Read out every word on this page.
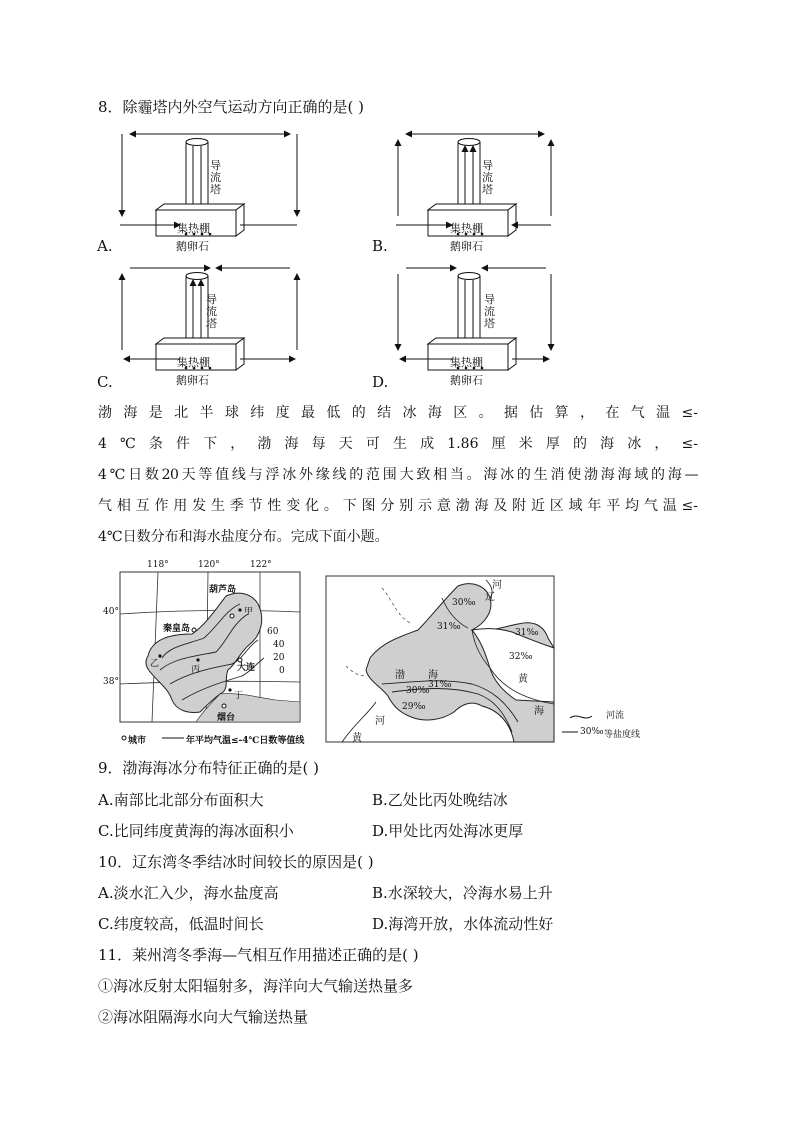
8．除霾塔内外空气运动方向正确的是( )
导
流
塔
集热棚
鹅卵石
导
流
塔
集热棚
鹅卵石
导
流
塔
集热棚
鹅卵石
导
流
塔
集热棚
鹅卵石
A.	B.
C.	D.
渤海是北半球纬度最低的结冰海区。据估算，在气温≤-
4℃条件下，渤海每天可生成1.86厘米厚的海冰，≤-
4℃日数20天等值线与浮冰外缘线的范围大致相当。海冰的生消使渤海海域的海—
气相互作用发生季节性变化。下图分别示意渤海及附近区域年平均气温≤-
4℃日数分布和海水盐度分布。完成下面小题。
118°	120°	122°
40°
38°
葫芦岛
秦皇岛
大连
烟台
甲
乙
丙
丁
60
40
20
0
城市	年平均气温≤-4℃日数等值线
30‰
31‰
31‰
32‰
31‰
30‰
29‰
渤 海	黄
海
河
辽
河
黄
河流
30‰ 等盐度线
9．渤海海冰分布特征正确的是( )
A.南部比北部分布面积大	B.乙处比丙处晚结冰
C.比同纬度黄海的海冰面积小	D.甲处比丙处海冰更厚
10．辽东湾冬季结冰时间较长的原因是( )
A.淡水汇入少，海水盐度高	B.水深较大，冷海水易上升
C.纬度较高，低温时间长	D.海湾开放，水体流动性好
11．莱州湾冬季海—气相互作用描述正确的是( )
①海冰反射太阳辐射多，海洋向大气输送热量多
②海冰阻隔海水向大气输送热量
